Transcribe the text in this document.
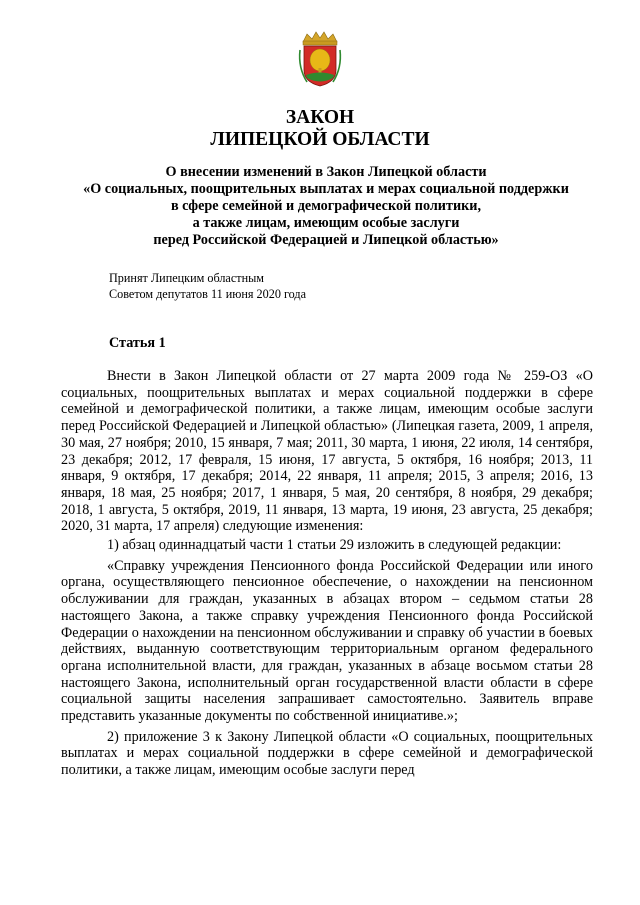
ЗАКОН
ЛИПЕЦКОЙ ОБЛАСТИ
О внесении изменений в Закон Липецкой области
«О социальных, поощрительных выплатах и мерах социальной поддержки
в сфере семейной и демографической политики,
а также лицам, имеющим особые заслуги
перед Российской Федерацией и Липецкой областью»
Принят Липецким областным
Советом депутатов 11 июня 2020 года
Статья 1

Внести в Закон Липецкой области от 27 марта 2009 года № 259-ОЗ «О социальных, поощрительных выплатах и мерах социальной поддержки в сфере семейной и демографической политики, а также лицам, имеющим особые заслуги перед Российской Федерацией и Липецкой областью» (Липецкая газета, 2009, 1 апреля, 30 мая, 27 ноября; 2010, 15 января, 7 мая; 2011, 30 марта, 1 июня, 22 июля, 14 сентября, 23 декабря; 2012, 17 февраля, 15 июня, 17 августа, 5 октября, 16 ноября; 2013, 11 января, 9 октября, 17 декабря; 2014, 22 января, 11 апреля; 2015, 3 апреля; 2016, 13 января, 18 мая, 25 ноября; 2017, 1 января, 5 мая, 20 сентября, 8 ноября, 29 декабря; 2018, 1 августа, 5 октября, 2019, 11 января, 13 марта, 19 июня, 23 августа, 25 декабря; 2020, 31 марта, 17 апреля) следующие изменения:

1) абзац одиннадцатый части 1 статьи 29 изложить в следующей редакции:

«Справку учреждения Пенсионного фонда Российской Федерации или иного органа, осуществляющего пенсионное обеспечение, о нахождении на пенсионном обслуживании для граждан, указанных в абзацах втором – седьмом статьи 28 настоящего Закона, а также справку учреждения Пенсионного фонда Российской Федерации о нахождении на пенсионном обслуживании и справку об участии в боевых действиях, выданную соответствующим территориальным органом федерального органа исполнительной власти, для граждан, указанных в абзаце восьмом статьи 28 настоящего Закона, исполнительный орган государственной власти области в сфере социальной защиты населения запрашивает самостоятельно. Заявитель вправе представить указанные документы по собственной инициативе.»;

2) приложение 3 к Закону Липецкой области «О социальных, поощрительных выплатах и мерах социальной поддержки в сфере семейной и демографической политики, а также лицам, имеющим особые заслуги перед
